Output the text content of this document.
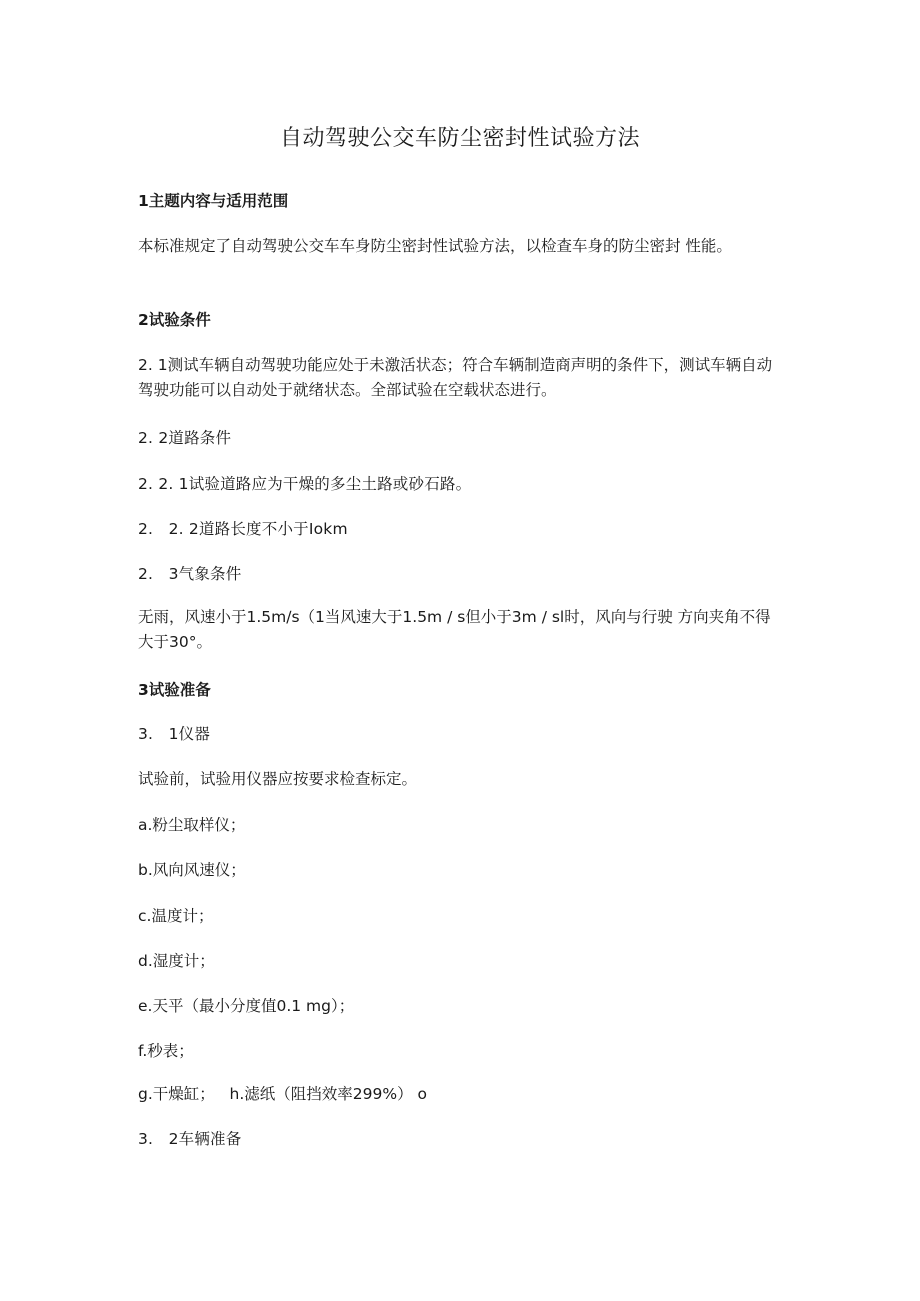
自动驾驶公交车防尘密封性试验方法

1主题内容与适用范围

本标准规定了自动驾驶公交车车身防尘密封性试验方法，以检查车身的防尘密封 性能。

2试验条件

2. 1测试车辆自动驾驶功能应处于未激活状态；符合车辆制造商声明的条件下，测试车辆自动驾驶功能可以自动处于就绪状态。全部试验在空载状态进行。

2. 2道路条件

2. 2. 1试验道路应为干燥的多尘土路或砂石路。

2.   2. 2道路长度不小于Iokm

2.   3气象条件

无雨，风速小于1.5m∕s（1当风速大于1.5m / s但小于3m / sl时，风向与行驶 方向夹角不得大于30°。

3试验准备

3.   1仪器

试验前，试验用仪器应按要求检查标定。

a.粉尘取样仪；

b.风向风速仪；

c.温度计；

d.湿度计；

e.天平（最小分度值0.1 mg）；

f.秒表；

g.干燥缸；   h.滤纸（阻挡效率299%） o

3.   2车辆准备
